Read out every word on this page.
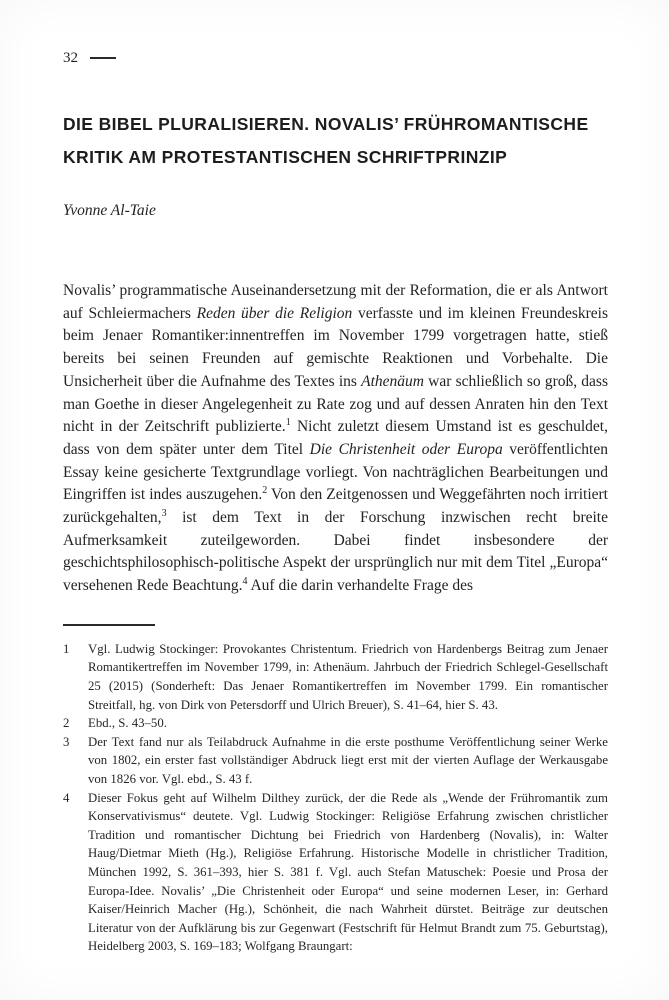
32
DIE BIBEL PLURALISIEREN. NOVALIS’ FRÜHROMANTISCHE KRITIK AM PROTESTANTISCHEN SCHRIFTPRINZIP
Yvonne Al-Taie

Novalis’ programmatische Auseinandersetzung mit der Reformation, die er als Antwort auf Schleiermachers Reden über die Religion verfasste und im kleinen Freundeskreis beim Jenaer Romantiker:innentreffen im November 1799 vorgetragen hatte, stieß bereits bei seinen Freunden auf gemischte Reaktionen und Vorbehalte. Die Unsicherheit über die Aufnahme des Textes ins Athenäum war schließlich so groß, dass man Goethe in dieser Angelegenheit zu Rate zog und auf dessen Anraten hin den Text nicht in der Zeitschrift publizierte.$^1$ Nicht zuletzt diesem Umstand ist es geschuldet, dass von dem später unter dem Titel Die Christenheit oder Europa veröffentlichten Essay keine gesicherte Textgrundlage vorliegt. Von nachträglichen Bearbeitungen und Eingriffen ist indes auszugehen.$^2$ Von den Zeitgenossen und Weggefährten noch irritiert zurückgehalten,$^3$ ist dem Text in der Forschung inzwischen recht breite Aufmerksamkeit zuteilgeworden. Dabei findet insbesondere der geschichtsphilosophisch-politische Aspekt der ursprünglich nur mit dem Titel „Europa“ versehenen Rede Beachtung.$^4$ Auf die darin verhandelte Frage des

1	Vgl. Ludwig Stockinger: Provokantes Christentum. Friedrich von Hardenbergs Beitrag zum Jenaer Romantikertreffen im November 1799, in: Athenäum. Jahrbuch der Friedrich Schlegel-Gesellschaft 25 (2015) (Sonderheft: Das Jenaer Romantikertreffen im November 1799. Ein romantischer Streitfall, hg. von Dirk von Petersdorff und Ulrich Breuer), S. 41–64, hier S. 43.
2	Ebd., S. 43–50.
3	Der Text fand nur als Teilabdruck Aufnahme in die erste posthume Veröffentlichung seiner Werke von 1802, ein erster fast vollständiger Abdruck liegt erst mit der vierten Auflage der Werkausgabe von 1826 vor. Vgl. ebd., S. 43 f.
4	Dieser Fokus geht auf Wilhelm Dilthey zurück, der die Rede als „Wende der Frühromantik zum Konservativismus“ deutete. Vgl. Ludwig Stockinger: Religiöse Erfahrung zwischen christlicher Tradition und romantischer Dichtung bei Friedrich von Hardenberg (Novalis), in: Walter Haug/Dietmar Mieth (Hg.), Religiöse Erfahrung. Historische Modelle in christlicher Tradition, München 1992, S. 361–393, hier S. 381 f. Vgl. auch Stefan Matuschek: Poesie und Prosa der Europa-Idee. Novalis’ „Die Christenheit oder Europa“ und seine modernen Leser, in: Gerhard Kaiser/Heinrich Macher (Hg.), Schönheit, die nach Wahrheit dürstet. Beiträge zur deutschen Literatur von der Aufklärung bis zur Gegenwart (Festschrift für Helmut Brandt zum 75. Geburtstag), Heidelberg 2003, S. 169–183; Wolfgang Braungart:
